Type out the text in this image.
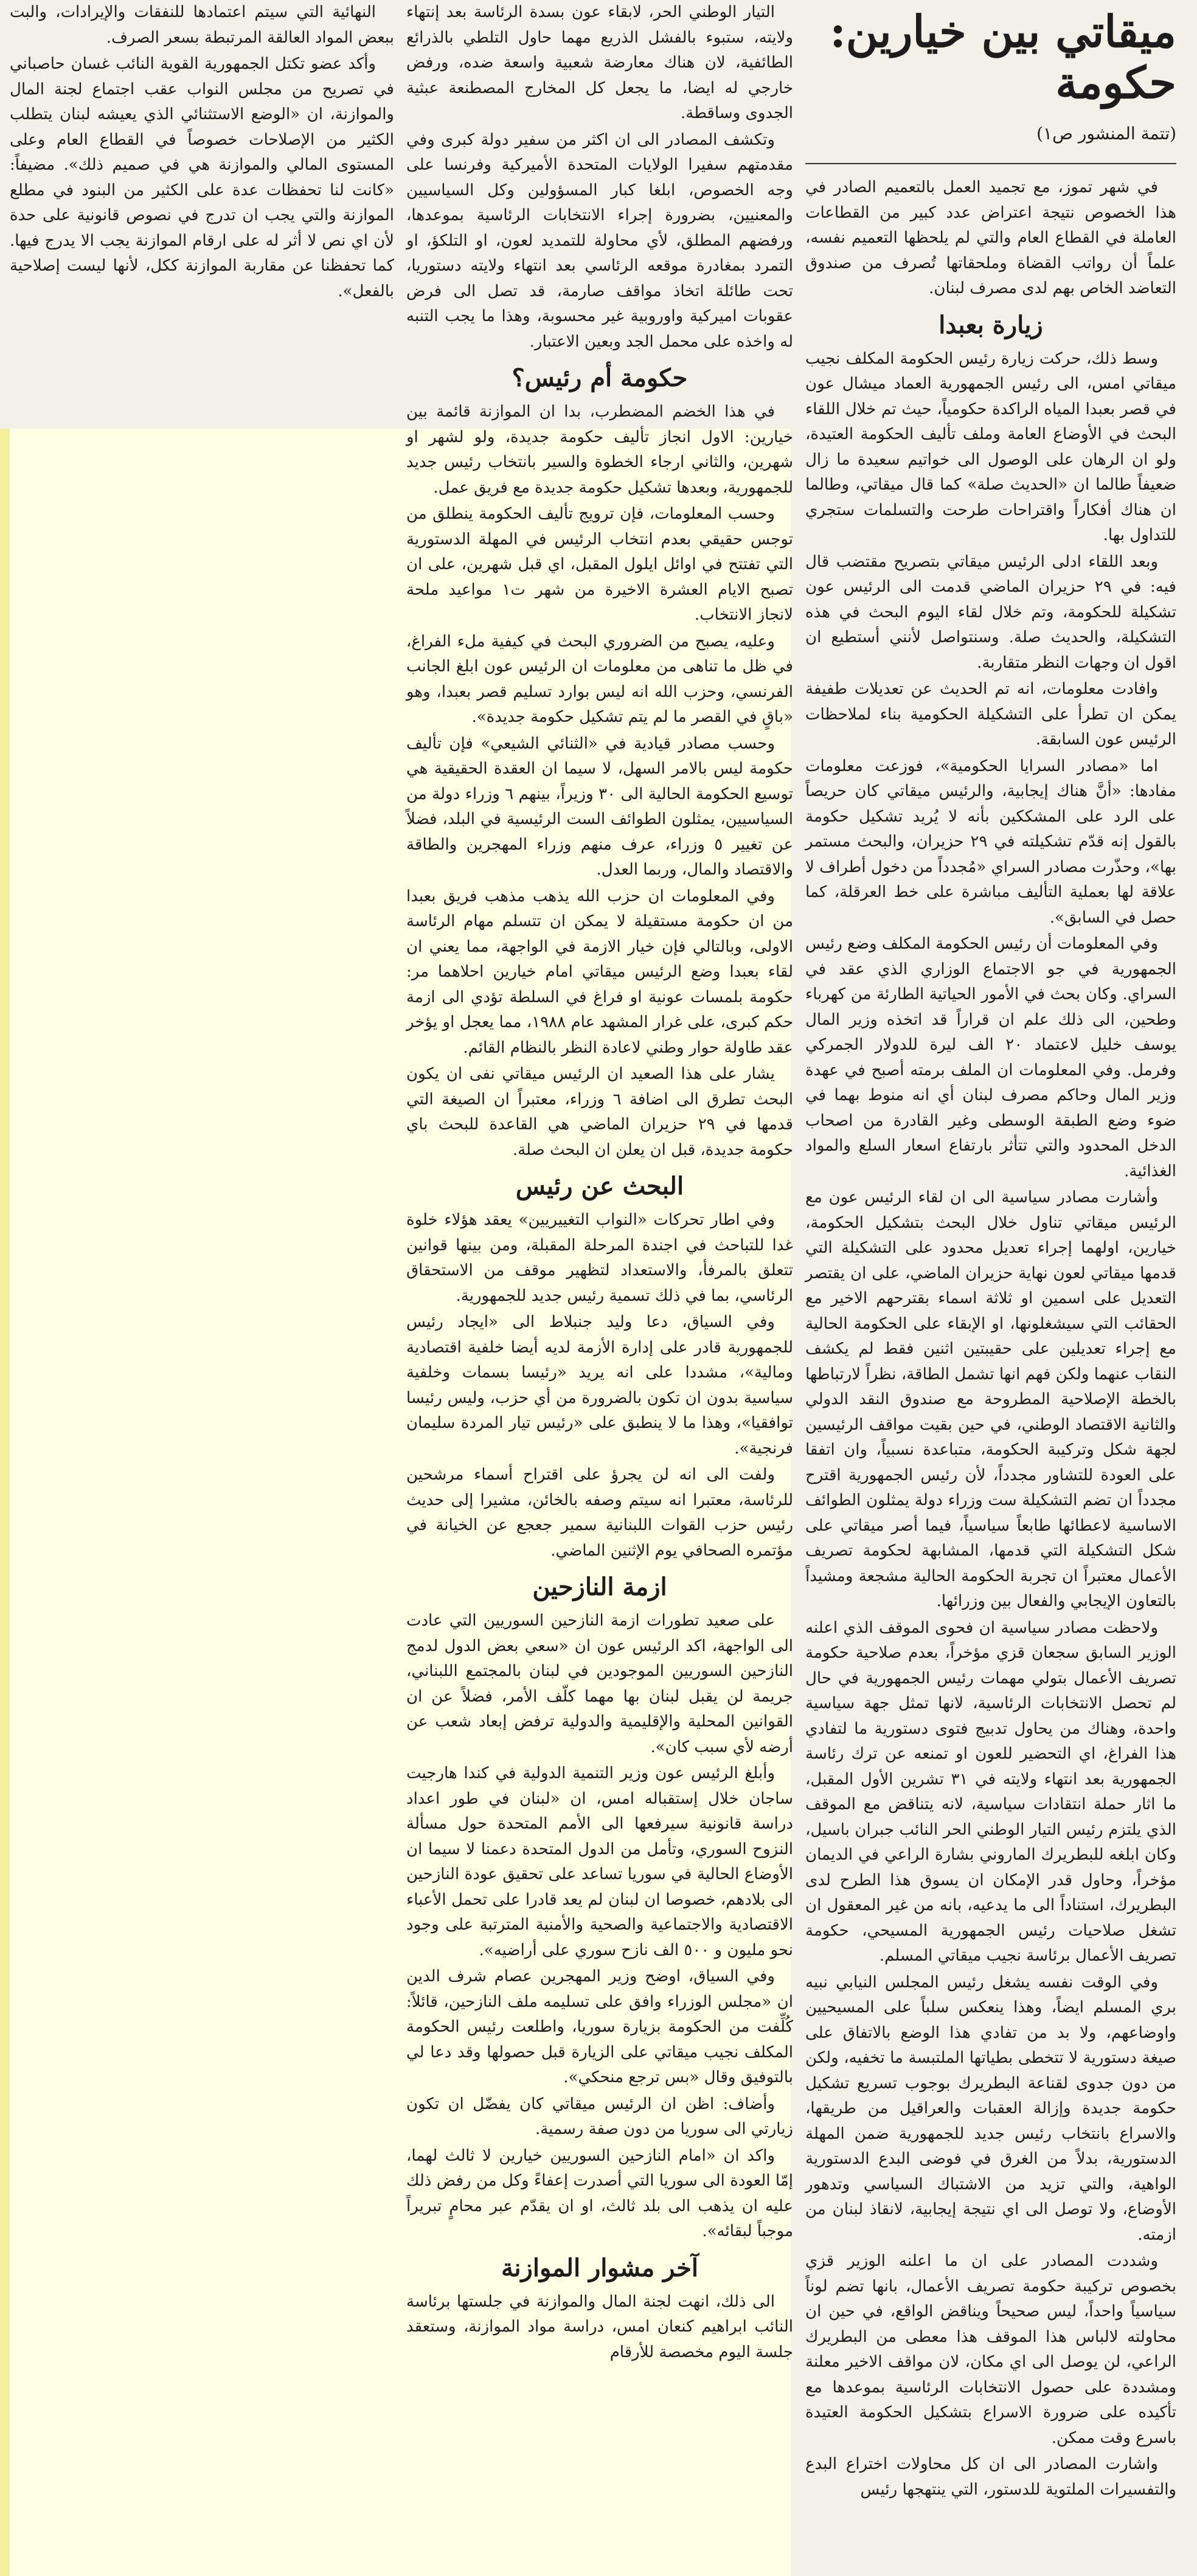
ميقاتي بين خيارين: حكومة
(تتمة المنشور ص١)

في شهر تموز، مع تجميد العمل بالتعميم الصادر في هذا الخصوص نتيجة اعتراض عدد كبير من القطاعات العاملة في القطاع العام والتي لم يلحظها التعميم نفسه، علماً أن رواتب القضاة وملحقاتها تُصرف من صندوق التعاضد الخاص بهم لدى مصرف لبنان.

زيارة بعبدا

وسط ذلك، حركت زيارة رئيس الحكومة المكلف نجيب ميقاتي امس، الى رئيس الجمهورية العماد ميشال عون في قصر بعبدا المياه الراكدة حكومياً، حيث تم خلال اللقاء البحث في الأوضاع العامة وملف تأليف الحكومة العتيدة، ولو ان الرهان على الوصول الى خواتيم سعيدة ما زال ضعيفاً طالما ان «الحديث صلة» كما قال ميقاتي، وطالما ان هناك أفكاراً واقتراحات طرحت والتسلمات ستجري للتداول بها.

وبعد اللقاء ادلى الرئيس ميقاتي بتصريح مقتضب قال فيه: في ٢٩ حزيران الماضي قدمت الى الرئيس عون تشكيلة للحكومة، وتم خلال لقاء اليوم البحث في هذه التشكيلة، والحديث صلة. وسنتواصل لأنني أستطيع ان اقول ان وجهات النظر متقاربة.

وافادت معلومات، انه تم الحديث عن تعديلات طفيفة يمكن ان تطرأ على التشكيلة الحكومية بناء لملاحظات الرئيس عون السابقة.

اما «مصادر السرايا الحكومية»، فوزعت معلومات مفادها: «أنَّ هناك إيجابية، والرئيس ميقاتي كان حريصاً على الرد على المشككين بأنه لا يُريد تشكيل حكومة بالقول إنه قدّم تشكيلته في ٢٩ حزيران، والبحث مستمر بها»، وحذّرت مصادر السراي «مُجدداً من دخول أطراف لا علاقة لها بعملية التأليف مباشرة على خط العرقلة، كما حصل في السابق».

وفي المعلومات أن رئيس الحكومة المكلف وضع رئيس الجمهورية في جو الاجتماع الوزاري الذي عقد في السراي. وكان بحث في الأمور الحياتية الطارئة من كهرباء وطحين، الى ذلك علم ان قراراً قد اتخذه وزير المال يوسف خليل لاعتماد ٢٠ الف ليرة للدولار الجمركي وفرمل. وفي المعلومات ان الملف برمته أصبح في عهدة وزير المال وحاكم مصرف لبنان أي انه منوط بهما في ضوء وضع الطبقة الوسطى وغير القادرة من اصحاب الدخل المحدود والتي تتأثر بارتفاع اسعار السلع والمواد الغذائية.

وأشارت مصادر سياسية الى ان لقاء الرئيس عون مع الرئيس ميقاتي تناول خلال البحث بتشكيل الحكومة، خيارين، اولهما إجراء تعديل محدود على التشكيلة التي قدمها ميقاتي لعون نهاية حزيران الماضي، على ان يقتصر التعديل على اسمين او ثلاثة اسماء بقترحهم الاخير مع الحقائب التي سيشغلونها، او الإبقاء على الحكومة الحالية مع إجراء تعديلين على حقيبتين اثنين فقط لم يكشف النقاب عنهما ولكن فهم انها تشمل الطاقة، نظراً لارتباطها بالخطة الإصلاحية المطروحة مع صندوق النقد الدولي والثانية الاقتصاد الوطني، في حين بقيت مواقف الرئيسين لجهة شكل وتركيبة الحكومة، متباعدة نسبياً، وان اتفقا على العودة للتشاور مجدداً، لأن رئيس الجمهورية اقترح مجدداً ان تضم التشكيلة ست وزراء دولة يمثلون الطوائف الاساسية لاعطائها طابعاً سياسياً، فيما أصر ميقاتي على شكل التشكيلة التي قدمها، المشابهة لحكومة تصريف الأعمال معتبراً ان تجربة الحكومة الحالية مشجعة ومشيداً بالتعاون الإيجابي والفعال بين وزرائها.

ولاحظت مصادر سياسية ان فحوى الموقف الذي اعلنه الوزير السابق سجعان قزي مؤخراً، بعدم صلاحية حكومة تصريف الأعمال بتولي مهمات رئيس الجمهورية في حال لم تحصل الانتخابات الرئاسية، لانها تمثل جهة سياسية واحدة، وهناك من يحاول تدبيج فتوى دستورية ما لتفادي هذا الفراغ، اي التحضير للعون او تمنعه عن ترك رئاسة الجمهورية بعد انتهاء ولايته في ٣١ تشرين الأول المقبل، ما اثار حملة انتقادات سياسية، لانه يتناقض مع الموقف الذي يلتزم رئيس التيار الوطني الحر النائب جبران باسيل، وكان ابلغه للبطريرك الماروني بشارة الراعي في الديمان مؤخراً، وحاول قدر الإمكان ان يسوق هذا الطرح لدى البطريرك، استناداً الى ما يدعيه، بانه من غير المعقول ان تشغل صلاحيات رئيس الجمهورية المسيحي، حكومة تصريف الأعمال برئاسة نجيب ميقاتي المسلم.

وفي الوقت نفسه يشغل رئيس المجلس النيابي نبيه بري المسلم ايضاً، وهذا ينعكس سلباً على المسيحيين واوضاعهم، ولا بد من تفادي هذا الوضع بالاتفاق على صيغة دستورية لا تتخطى بطياتها الملتبسة ما تخفيه، ولكن من دون جدوى لقناعة البطريرك بوجوب تسريع تشكيل حكومة جديدة وإزالة العقبات والعراقيل من طريقها، والاسراع بانتخاب رئيس جديد للجمهورية ضمن المهلة الدستورية، بدلاً من الغرق في فوضى البدع الدستورية الواهية، والتي تزيد من الاشتباك السياسي وتدهور الأوضاع، ولا توصل الى اي نتيجة إيجابية، لانقاذ لبنان من ازمته.

وشددت المصادر على ان ما اعلنه الوزير قزي بخصوص تركيبة حكومة تصريف الأعمال، بانها تضم لوناً سياسياً واحداً، ليس صحيحاً ويناقض الواقع، في حين ان محاولته لالباس هذا الموقف هذا معطى من البطريرك الراعي، لن يوصل الى اي مكان، لان مواقف الاخير معلنة ومشددة على حصول الانتخابات الرئاسية بموعدها مع تأكيده على ضرورة الاسراع بتشكيل الحكومة العتيدة باسرع وقت ممكن.

واشارت المصادر الى ان كل محاولات اختراع البدع والتفسيرات الملتوية للدستور، التي ينتهجها رئيس

التيار الوطني الحر، لابقاء عون بسدة الرئاسة بعد إنتهاء ولايته، ستبوء بالفشل الذريع مهما حاول التلطي بالذرائع الطائفية، لان هناك معارضة شعبية واسعة ضده، ورفض خارجي له ايضا، ما يجعل كل المخارج المصطنعة عبثية الجدوى وساقطة.

وتكشف المصادر الى ان اكثر من سفير دولة كبرى وفي مقدمتهم سفيرا الولايات المتحدة الأميركية وفرنسا على وجه الخصوص، ابلغا كبار المسؤولين وكل السياسيين والمعنيين، بضرورة إجراء الانتخابات الرئاسية بموعدها، ورفضهم المطلق، لأي محاولة للتمديد لعون، او التلكؤ، او التمرد بمغادرة موقعه الرئاسي بعد انتهاء ولايته دستوريا، تحت طائلة اتخاذ مواقف صارمة، قد تصل الى فرض عقوبات اميركية واوروبية غير محسوبة، وهذا ما يجب التنبه له واخذه على محمل الجد وبعين الاعتبار.

حكومة أم رئيس؟

في هذا الخضم المضطرب، بدا ان الموازنة قائمة بين خيارين: الاول انجاز تأليف حكومة جديدة، ولو لشهر او شهرين، والثاني ارجاء الخطوة والسير بانتخاب رئيس جديد للجمهورية، وبعدها تشكيل حكومة جديدة مع فريق عمل.

وحسب المعلومات، فإن ترويج تأليف الحكومة ينطلق من توجس حقيقي بعدم انتخاب الرئيس في المهلة الدستورية التي تفتتح في اوائل ايلول المقبل، اي قبل شهرين، على ان تصبح الايام العشرة الاخيرة من شهر ت١ مواعيد ملحة لانجاز الانتخاب.

وعليه، يصبح من الضروري البحث في كيفية ملء الفراغ، في ظل ما تناهى من معلومات ان الرئيس عون ابلغ الجانب الفرنسي، وحزب الله انه ليس بوارد تسليم قصر بعبدا، وهو «باقٍ في القصر ما لم يتم تشكيل حكومة جديدة».

وحسب مصادر قيادية في «الثنائي الشيعي» فإن تأليف حكومة ليس بالامر السهل، لا سيما ان العقدة الحقيقية هي توسيع الحكومة الحالية الى ٣٠ وزيراً، بينهم ٦ وزراء دولة من السياسيين، يمثلون الطوائف الست الرئيسية في البلد، فضلاً عن تغيير ٥ وزراء، عرف منهم وزراء المهجرين والطاقة والاقتصاد والمال، وربما العدل.

وفي المعلومات ان حزب الله يذهب مذهب فريق بعبدا من ان حكومة مستقيلة لا يمكن ان تتسلم مهام الرئاسة الاولى، وبالتالي فإن خيار الازمة في الواجهة، مما يعني ان لقاء بعبدا وضع الرئيس ميقاتي امام خيارين احلاهما مر: حكومة بلمسات عونية او فراغ في السلطة تؤدي الى ازمة حكم كبرى، على غرار المشهد عام ١٩٨٨، مما يعجل او يؤخر عقد طاولة حوار وطني لاعادة النظر بالنظام القائم.

يشار على هذا الصعيد ان الرئيس ميقاتي نفى ان يكون البحث تطرق الى اضافة ٦ وزراء، معتبراً ان الصيغة التي قدمها في ٢٩ حزيران الماضي هي القاعدة للبحث باي حكومة جديدة، قبل ان يعلن ان البحث صلة.

البحث عن رئيس

وفي اطار تحركات «النواب التغييريين» يعقد هؤلاء خلوة غدا للتباحث في اجندة المرحلة المقبلة، ومن بينها قوانين تتعلق بالمرفأ، والاستعداد لتظهير موقف من الاستحقاق الرئاسي، بما في ذلك تسمية رئيس جديد للجمهورية.

وفي السياق، دعا وليد جنبلاط الى «ايجاد رئيس للجمهورية قادر على إدارة الأزمة لديه أيضا خلفية اقتصادية ومالية»، مشددا على انه يريد «رئيسا بسمات وخلفية سياسية بدون ان تكون بالضرورة من أي حزب، وليس رئيسا توافقيا»، وهذا ما لا ينطبق على «رئيس تيار المردة سليمان فرنجية».

ولفت الى انه لن يجرؤ على اقتراح أسماء مرشحين للرئاسة، معتبرا انه سيتم وصفه بالخائن، مشيرا إلى حديث رئيس حزب القوات اللبنانية سمير جعجع عن الخيانة في مؤتمره الصحافي يوم الإثنين الماضي.

ازمة النازحين

على صعيد تطورات ازمة النازحين السوريين التي عادت الى الواجهة، اكد الرئيس عون ان «سعي بعض الدول لدمج النازحين السوريين الموجودين في لبنان بالمجتمع اللبناني، جريمة لن يقبل لبنان بها مهما كلّف الأمر، فضلاً عن ان القوانين المحلية والإقليمية والدولية ترفض إبعاد شعب عن أرضه لأي سبب كان».

وأبلغ الرئيس عون وزير التنمية الدولية في كندا هارجيت ساجان خلال إستقباله امس، ان «لبنان في طور اعداد دراسة قانونية سيرفعها الى الأمم المتحدة حول مسألة النزوح السوري، وتأمل من الدول المتحدة دعمنا لا سيما ان الأوضاع الحالية في سوريا تساعد على تحقيق عودة النازحين الى بلادهم، خصوصا ان لبنان لم يعد قادرا على تحمل الأعباء الاقتصادية والاجتماعية والصحية والأمنية المترتبة على وجود نحو مليون و ٥٠٠ الف نازح سوري على أراضيه».

وفي السياق، اوضح وزير المهجرين عصام شرف الدين ان «مجلس الوزراء وافق على تسليمه ملف النازحين، قائلاً: كُلِّفت من الحكومة بزيارة سوريا، واطلعت رئيس الحكومة المكلف نجيب ميقاتي على الزيارة قبل حصولها وقد دعا لي بالتوفيق وقال «بس ترجع منحكي».

وأضاف: اظن ان الرئيس ميقاتي كان يفضّل ان تكون زيارتي الى سوريا من دون صفة رسمية.

واكد ان «امام النازحين السوريين خيارين لا ثالث لهما، إمّا العودة الى سوريا التي أصدرت إعفاءً وكل من رفض ذلك عليه ان يذهب الى بلد ثالث، او ان يقدّم عبر محامٍ تبريراً موجباً لبقائه».

آخر مشوار الموازنة

الى ذلك، انهت لجنة المال والموازنة في جلستها برئاسة النائب ابراهيم كنعان امس، دراسة مواد الموازنة، وستعقد جلسة اليوم مخصصة للأرقام

النهائية التي سيتم اعتمادها للنفقات والإيرادات، والبت ببعض المواد العالقة المرتبطة بسعر الصرف.

وأكد عضو تكتل الجمهورية القوية النائب غسان حاصباني في تصريح من مجلس النواب عقب اجتماع لجنة المال والموازنة، ان «الوضع الاستثنائي الذي يعيشه لبنان يتطلب الكثير من الإصلاحات خصوصاً في القطاع العام وعلى المستوى المالي والموازنة هي في صميم ذلك». مضيفاً: «كانت لنا تحفظات عدة على الكثير من البنود في مطلع الموازنة والتي يجب ان تدرج في نصوص قانونية على حدة لأن اي نص لا أثر له على ارقام الموازنة يجب الا يدرج فيها. كما تحفظنا عن مقاربة الموازنة ككل، لأنها ليست إصلاحية بالفعل».
